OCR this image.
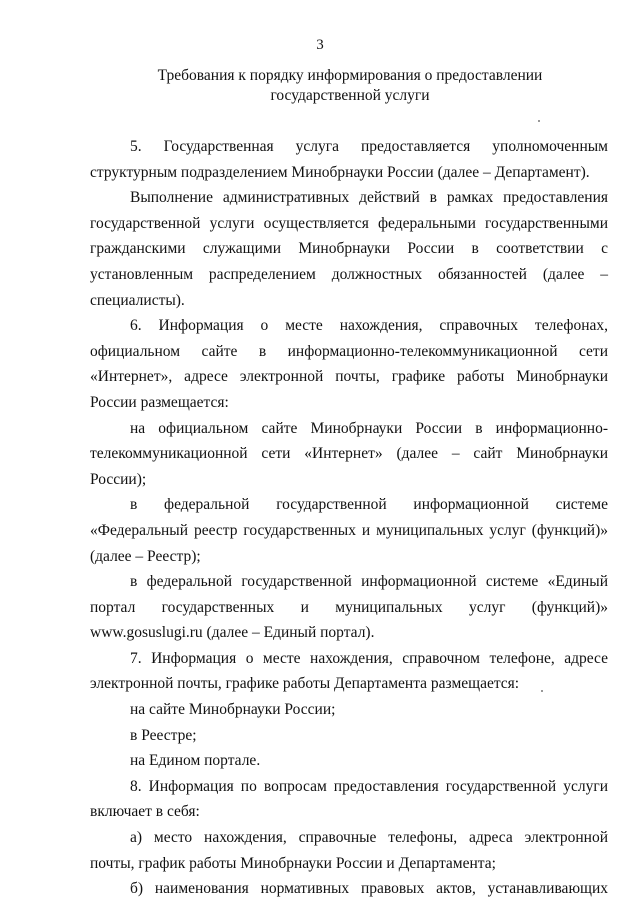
3
Требования к порядку информирования о предоставлении
государственной услуги

5. Государственная услуга предоставляется уполномоченным структурным подразделением Минобрнауки России (далее – Департамент).

Выполнение административных действий в рамках предоставления государственной услуги осуществляется федеральными государственными гражданскими служащими Минобрнауки России в соответствии с установленным распределением должностных обязанностей (далее – специалисты).

6. Информация о месте нахождения, справочных телефонах, официальном сайте в информационно-телекоммуникационной сети «Интернет», адресе электронной почты, графике работы Минобрнауки России размещается:

на официальном сайте Минобрнауки России в информационно-телекоммуникационной сети «Интернет» (далее – сайт Минобрнауки России);

в федеральной государственной информационной системе «Федеральный реестр государственных и муниципальных услуг (функций)» (далее – Реестр);

в федеральной государственной информационной системе «Единый портал государственных и муниципальных услуг (функций)» www.gosuslugi.ru (далее – Единый портал).

7. Информация о месте нахождения, справочном телефоне, адресе электронной почты, графике работы Департамента размещается:

на сайте Минобрнауки России;

в Реестре;

на Едином портале.

8. Информация по вопросам предоставления государственной услуги включает в себя:

а) место нахождения, справочные телефоны, адреса электронной почты, график работы Минобрнауки России и Департамента;

б) наименования нормативных правовых актов, устанавливающих
